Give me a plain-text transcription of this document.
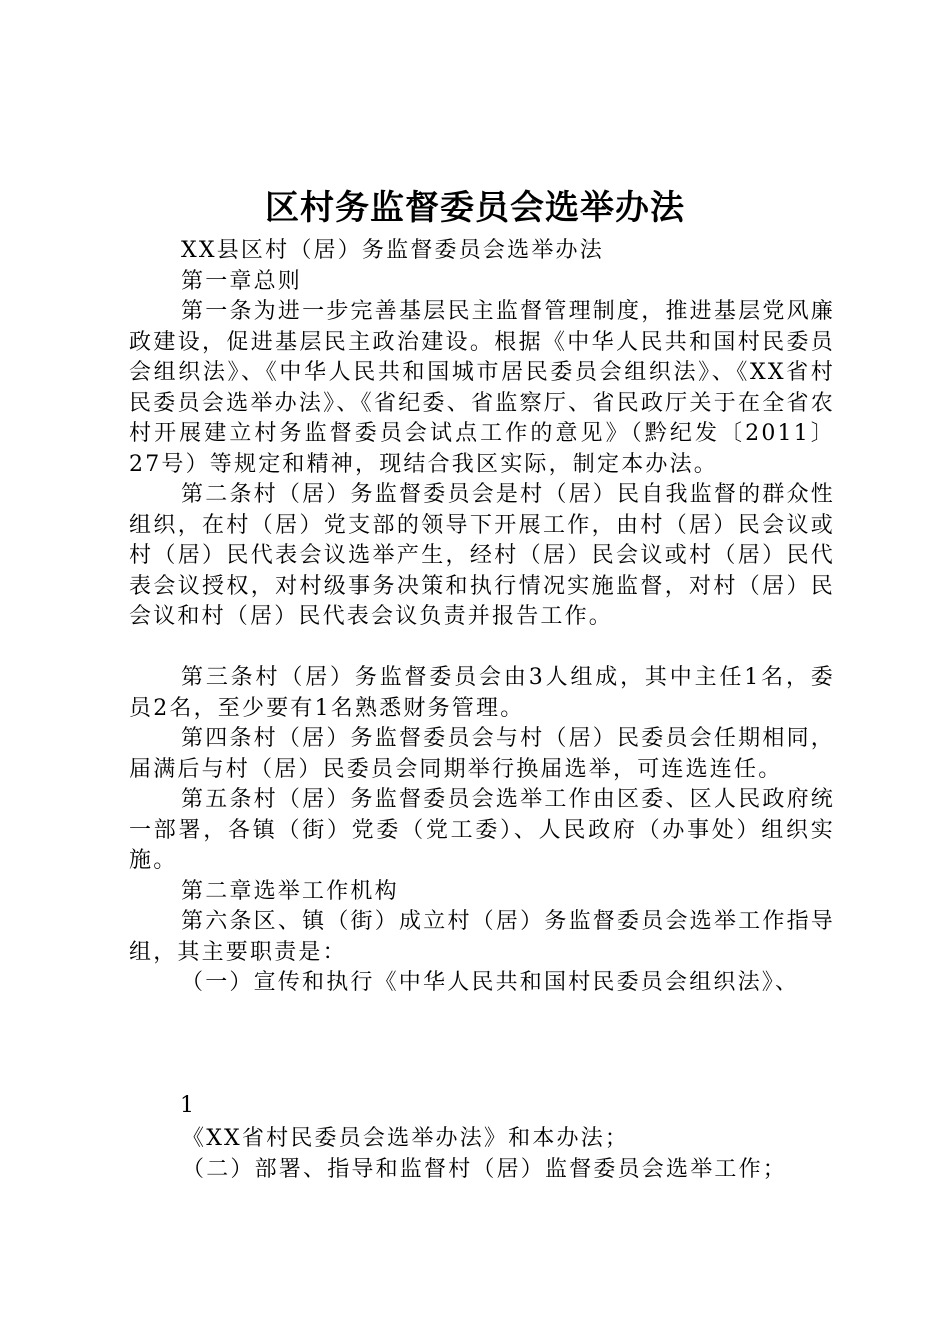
区村务监督委员会选举办法

XX县区村（居）务监督委员会选举办法

第一章总则

第一条为进一步完善基层民主监督管理制度，推进基层党风廉政建设，促进基层民主政治建设。根据《中华人民共和国村民委员会组织法》、《中华人民共和国城市居民委员会组织法》、《XX省村民委员会选举办法》、《省纪委、省监察厅、省民政厅关于在全省农村开展建立村务监督委员会试点工作的意见》（黔纪发〔2011〕27号）等规定和精神，现结合我区实际，制定本办法。

第二条村（居）务监督委员会是村（居）民自我监督的群众性组织，在村（居）党支部的领导下开展工作，由村（居）民会议或村（居）民代表会议选举产生，经村（居）民会议或村（居）民代表会议授权，对村级事务决策和执行情况实施监督，对村（居）民会议和村（居）民代表会议负责并报告工作。

第三条村（居）务监督委员会由3人组成，其中主任1名，委员2名，至少要有1名熟悉财务管理。

第四条村（居）务监督委员会与村（居）民委员会任期相同，届满后与村（居）民委员会同期举行换届选举，可连选连任。

第五条村（居）务监督委员会选举工作由区委、区人民政府统一部署，各镇（街）党委（党工委）、人民政府（办事处）组织实施。

第二章选举工作机构

第六条区、镇（街）成立村（居）务监督委员会选举工作指导组，其主要职责是：

（一）宣传和执行《中华人民共和国村民委员会组织法》、

1

《XX省村民委员会选举办法》和本办法；

（二）部署、指导和监督村（居）监督委员会选举工作；
